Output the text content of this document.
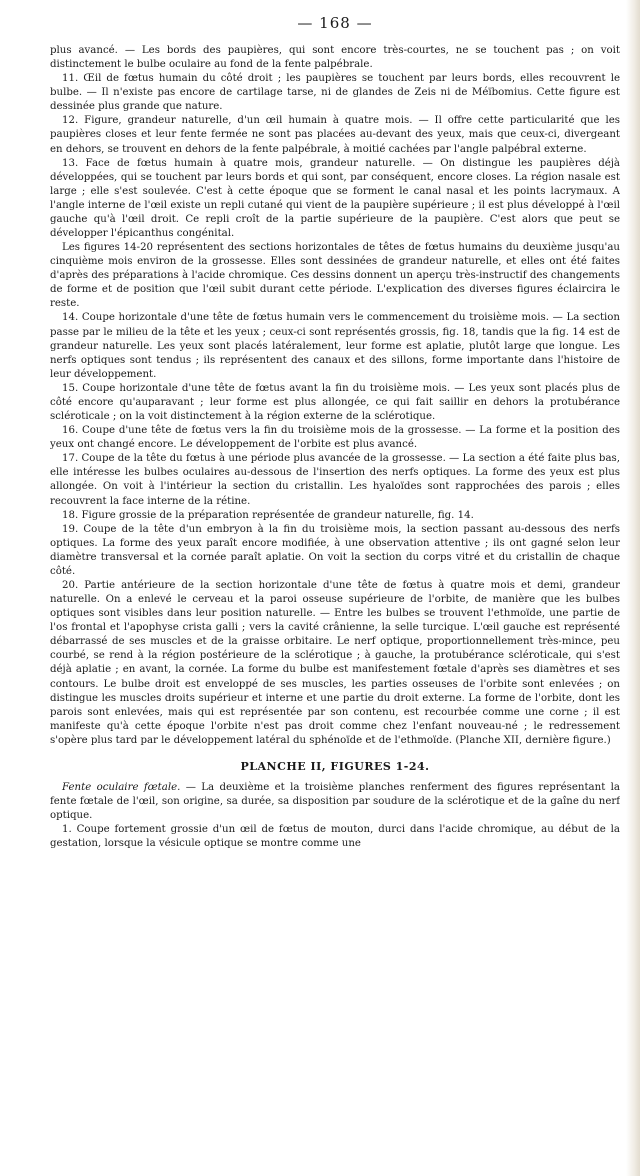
— 168 —

plus avancé. — Les bords des paupières, qui sont encore très-courtes, ne se touchent pas ; on voit distinctement le bulbe oculaire au fond de la fente palpébrale.

11. Œil de fœtus humain du côté droit ; les paupières se touchent par leurs bords, elles recouvrent le bulbe. — Il n'existe pas encore de cartilage tarse, ni de glandes de Zeis ni de Méïbomius. Cette figure est dessinée plus grande que nature.

12. Figure, grandeur naturelle, d'un œil humain à quatre mois. — Il offre cette particularité que les paupières closes et leur fente fermée ne sont pas placées au-devant des yeux, mais que ceux-ci, divergeant en dehors, se trouvent en dehors de la fente palpébrale, à moitié cachées par l'angle palpébral externe.

13. Face de fœtus humain à quatre mois, grandeur naturelle. — On distingue les paupières déjà développées, qui se touchent par leurs bords et qui sont, par conséquent, encore closes. La région nasale est large ; elle s'est soulevée. C'est à cette époque que se forment le canal nasal et les points lacrymaux. A l'angle interne de l'œil existe un repli cutané qui vient de la paupière supérieure ; il est plus développé à l'œil gauche qu'à l'œil droit. Ce repli croît de la partie supérieure de la paupière. C'est alors que peut se développer l'épicanthus congénital.

Les figures 14-20 représentent des sections horizontales de têtes de fœtus humains du deuxième jusqu'au cinquième mois environ de la grossesse. Elles sont dessinées de grandeur naturelle, et elles ont été faites d'après des préparations à l'acide chromique. Ces dessins donnent un aperçu très-instructif des changements de forme et de position que l'œil subit durant cette période. L'explication des diverses figures éclaircira le reste.

14. Coupe horizontale d'une tête de fœtus humain vers le commencement du troisième mois. — La section passe par le milieu de la tête et les yeux ; ceux-ci sont représentés grossis, fig. 18, tandis que la fig. 14 est de grandeur naturelle. Les yeux sont placés latéralement, leur forme est aplatie, plutôt large que longue. Les nerfs optiques sont tendus ; ils représentent des canaux et des sillons, forme importante dans l'histoire de leur développement.

15. Coupe horizontale d'une tête de fœtus avant la fin du troisième mois. — Les yeux sont placés plus de côté encore qu'auparavant ; leur forme est plus allongée, ce qui fait saillir en dehors la protubérance scléroticale ; on la voit distinctement à la région externe de la sclérotique.

16. Coupe d'une tête de fœtus vers la fin du troisième mois de la grossesse. — La forme et la position des yeux ont changé encore. Le développement de l'orbite est plus avancé.

17. Coupe de la tête du fœtus à une période plus avancée de la grossesse. — La section a été faite plus bas, elle intéresse les bulbes oculaires au-dessous de l'insertion des nerfs optiques. La forme des yeux est plus allongée. On voit à l'intérieur la section du cristallin. Les hyaloïdes sont rapprochées des parois ; elles recouvrent la face interne de la rétine.

18. Figure grossie de la préparation représentée de grandeur naturelle, fig. 14.

19. Coupe de la tête d'un embryon à la fin du troisième mois, la section passant au-dessous des nerfs optiques. La forme des yeux paraît encore modifiée, à une observation attentive ; ils ont gagné selon leur diamètre transversal et la cornée paraît aplatie. On voit la section du corps vitré et du cristallin de chaque côté.

20. Partie antérieure de la section horizontale d'une tête de fœtus à quatre mois et demi, grandeur naturelle. On a enlevé le cerveau et la paroi osseuse supérieure de l'orbite, de manière que les bulbes optiques sont visibles dans leur position naturelle. — Entre les bulbes se trouvent l'ethmoïde, une partie de l'os frontal et l'apophyse crista galli ; vers la cavité crânienne, la selle turcique. L'œil gauche est représenté débarrassé de ses muscles et de la graisse orbitaire. Le nerf optique, proportionnellement très-mince, peu courbé, se rend à la région postérieure de la sclérotique ; à gauche, la protubérance scléroticale, qui s'est déjà aplatie ; en avant, la cornée. La forme du bulbe est manifestement fœtale d'après ses diamètres et ses contours. Le bulbe droit est enveloppé de ses muscles, les parties osseuses de l'orbite sont enlevées ; on distingue les muscles droits supérieur et interne et une partie du droit externe. La forme de l'orbite, dont les parois sont enlevées, mais qui est représentée par son contenu, est recourbée comme une corne ; il est manifeste qu'à cette époque l'orbite n'est pas droit comme chez l'enfant nouveau-né ; le redressement s'opère plus tard par le développement latéral du sphénoïde et de l'ethmoïde. (Planche XII, dernière figure.)

PLANCHE II, FIGURES 1-24.

Fente oculaire fœtale. — La deuxième et la troisième planches renferment des figures représentant la fente fœtale de l'œil, son origine, sa durée, sa disposition par soudure de la sclérotique et de la gaîne du nerf optique.

1. Coupe fortement grossie d'un œil de fœtus de mouton, durci dans l'acide chromique, au début de la gestation, lorsque la vésicule optique se montre comme une
